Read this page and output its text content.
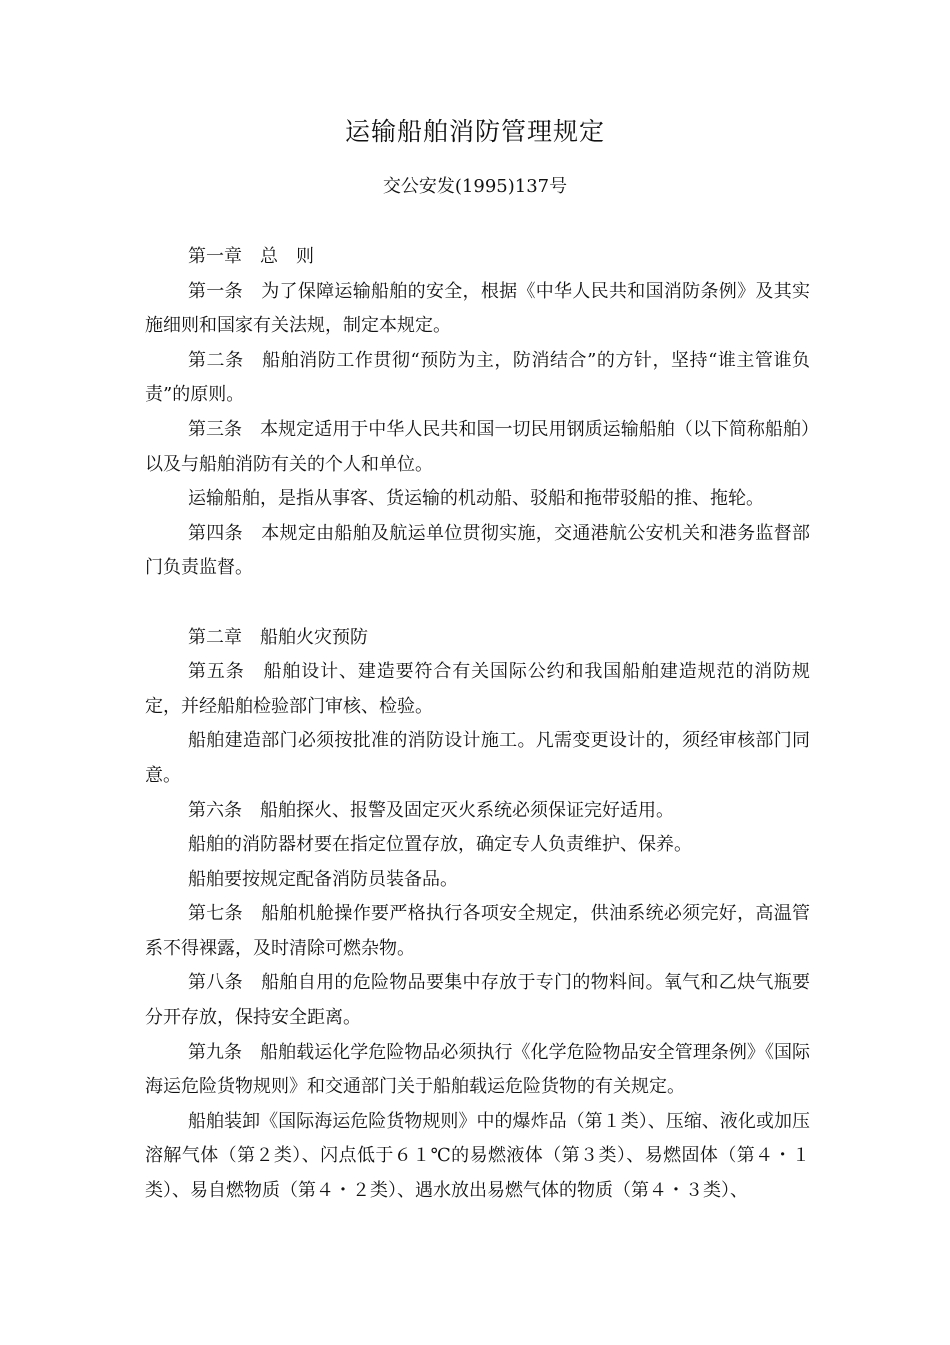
运输船舶消防管理规定

交公安发(1995)137号

第一章　总　则

第一条　为了保障运输船舶的安全，根据《中华人民共和国消防条例》及其实施细则和国家有关法规，制定本规定。

第二条　船舶消防工作贯彻“预防为主，防消结合”的方针，坚持“谁主管谁负责”的原则。

第三条　本规定适用于中华人民共和国一切民用钢质运输船舶（以下简称船舶）以及与船舶消防有关的个人和单位。

运输船舶，是指从事客、货运输的机动船、驳船和拖带驳船的推、拖轮。

第四条　本规定由船舶及航运单位贯彻实施，交通港航公安机关和港务监督部门负责监督。

第二章　船舶火灾预防

第五条　船舶设计、建造要符合有关国际公约和我国船舶建造规范的消防规定，并经船舶检验部门审核、检验。

船舶建造部门必须按批准的消防设计施工。凡需变更设计的，须经审核部门同意。

第六条　船舶探火、报警及固定灭火系统必须保证完好适用。

船舶的消防器材要在指定位置存放，确定专人负责维护、保养。

船舶要按规定配备消防员装备品。

第七条　船舶机舱操作要严格执行各项安全规定，供油系统必须完好，高温管系不得裸露，及时清除可燃杂物。

第八条　船舶自用的危险物品要集中存放于专门的物料间。氧气和乙炔气瓶要分开存放，保持安全距离。

第九条　船舶载运化学危险物品必须执行《化学危险物品安全管理条例》《国际海运危险货物规则》和交通部门关于船舶载运危险货物的有关规定。

船舶装卸《国际海运危险货物规则》中的爆炸品（第１类）、压缩、液化或加压溶解气体（第２类）、闪点低于６１℃的易燃液体（第３类）、易燃固体（第４・１类）、易自燃物质（第４・２类）、遇水放出易燃气体的物质（第４・３类）、
